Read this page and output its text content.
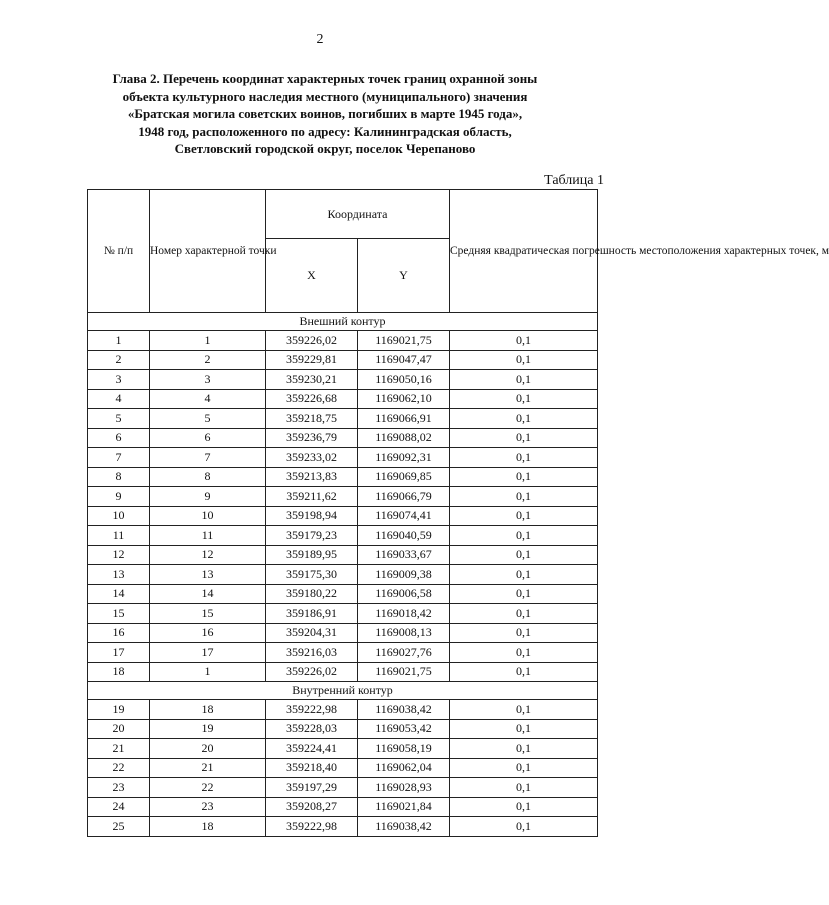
2
Глава 2. Перечень координат характерных точек границ охранной зоны
объекта культурного наследия местного (муниципального) значения
«Братская могила советских воинов, погибших в марте 1945 года»,
1948 год, расположенного по адресу: Калининградская область,
Светловский городской округ, поселок Черепаново
Таблица 1
№ п/п	Номер характерной точки	Координата		Средняя квадратическая погрешность местоположения характерных точек, м
		X	Y	
Внешний контур				
1	1	359226,02	1169021,75	0,1
2	2	359229,81	1169047,47	0,1
3	3	359230,21	1169050,16	0,1
4	4	359226,68	1169062,10	0,1
5	5	359218,75	1169066,91	0,1
6	6	359236,79	1169088,02	0,1
7	7	359233,02	1169092,31	0,1
8	8	359213,83	1169069,85	0,1
9	9	359211,62	1169066,79	0,1
10	10	359198,94	1169074,41	0,1
11	11	359179,23	1169040,59	0,1
12	12	359189,95	1169033,67	0,1
13	13	359175,30	1169009,38	0,1
14	14	359180,22	1169006,58	0,1
15	15	359186,91	1169018,42	0,1
16	16	359204,31	1169008,13	0,1
17	17	359216,03	1169027,76	0,1
18	1	359226,02	1169021,75	0,1
Внутренний контур				
19	18	359222,98	1169038,42	0,1
20	19	359228,03	1169053,42	0,1
21	20	359224,41	1169058,19	0,1
22	21	359218,40	1169062,04	0,1
23	22	359197,29	1169028,93	0,1
24	23	359208,27	1169021,84	0,1
25	18	359222,98	1169038,42	0,1
